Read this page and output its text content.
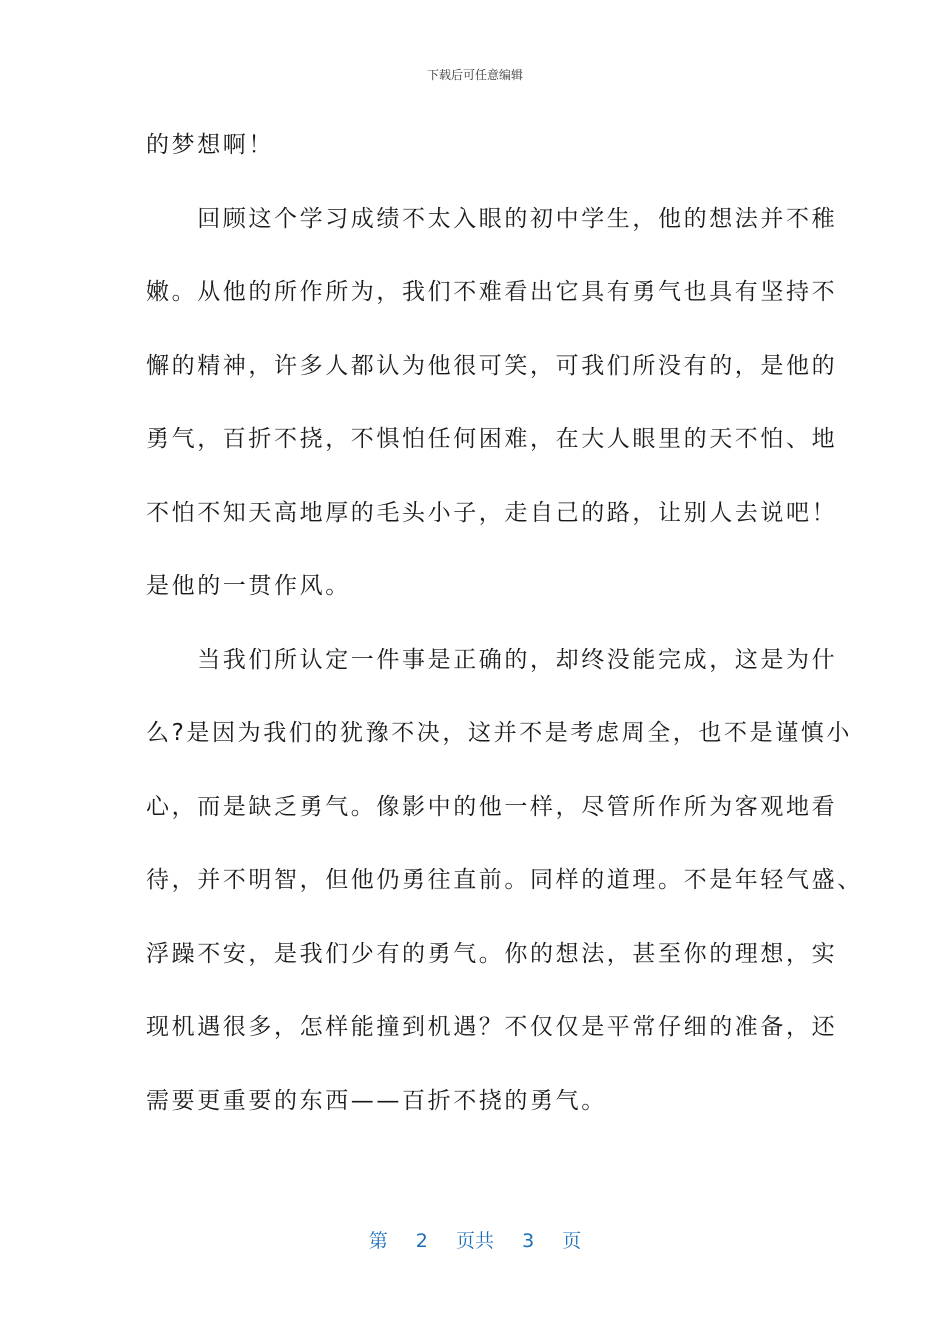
下载后可任意编辑
的梦想啊！
　　回顾这个学习成绩不太入眼的初中学生，他的想法并不稚
嫩。从他的所作所为，我们不难看出它具有勇气也具有坚持不
懈的精神，许多人都认为他很可笑，可我们所没有的，是他的
勇气，百折不挠，不惧怕任何困难，在大人眼里的天不怕、地
不怕不知天高地厚的毛头小子，走自己的路，让别人去说吧！
是他的一贯作风。
　　当我们所认定一件事是正确的，却终没能完成，这是为什
么?是因为我们的犹豫不决，这并不是考虑周全，也不是谨慎小
心，而是缺乏勇气。像影中的他一样，尽管所作所为客观地看
待，并不明智，但他仍勇往直前。同样的道理。不是年轻气盛、
浮躁不安，是我们少有的勇气。你的想法，甚至你的理想，实
现机遇很多，怎样能撞到机遇？不仅仅是平常仔细的准备，还
需要更重要的东西——百折不挠的勇气。
第 2 页共 3 页
